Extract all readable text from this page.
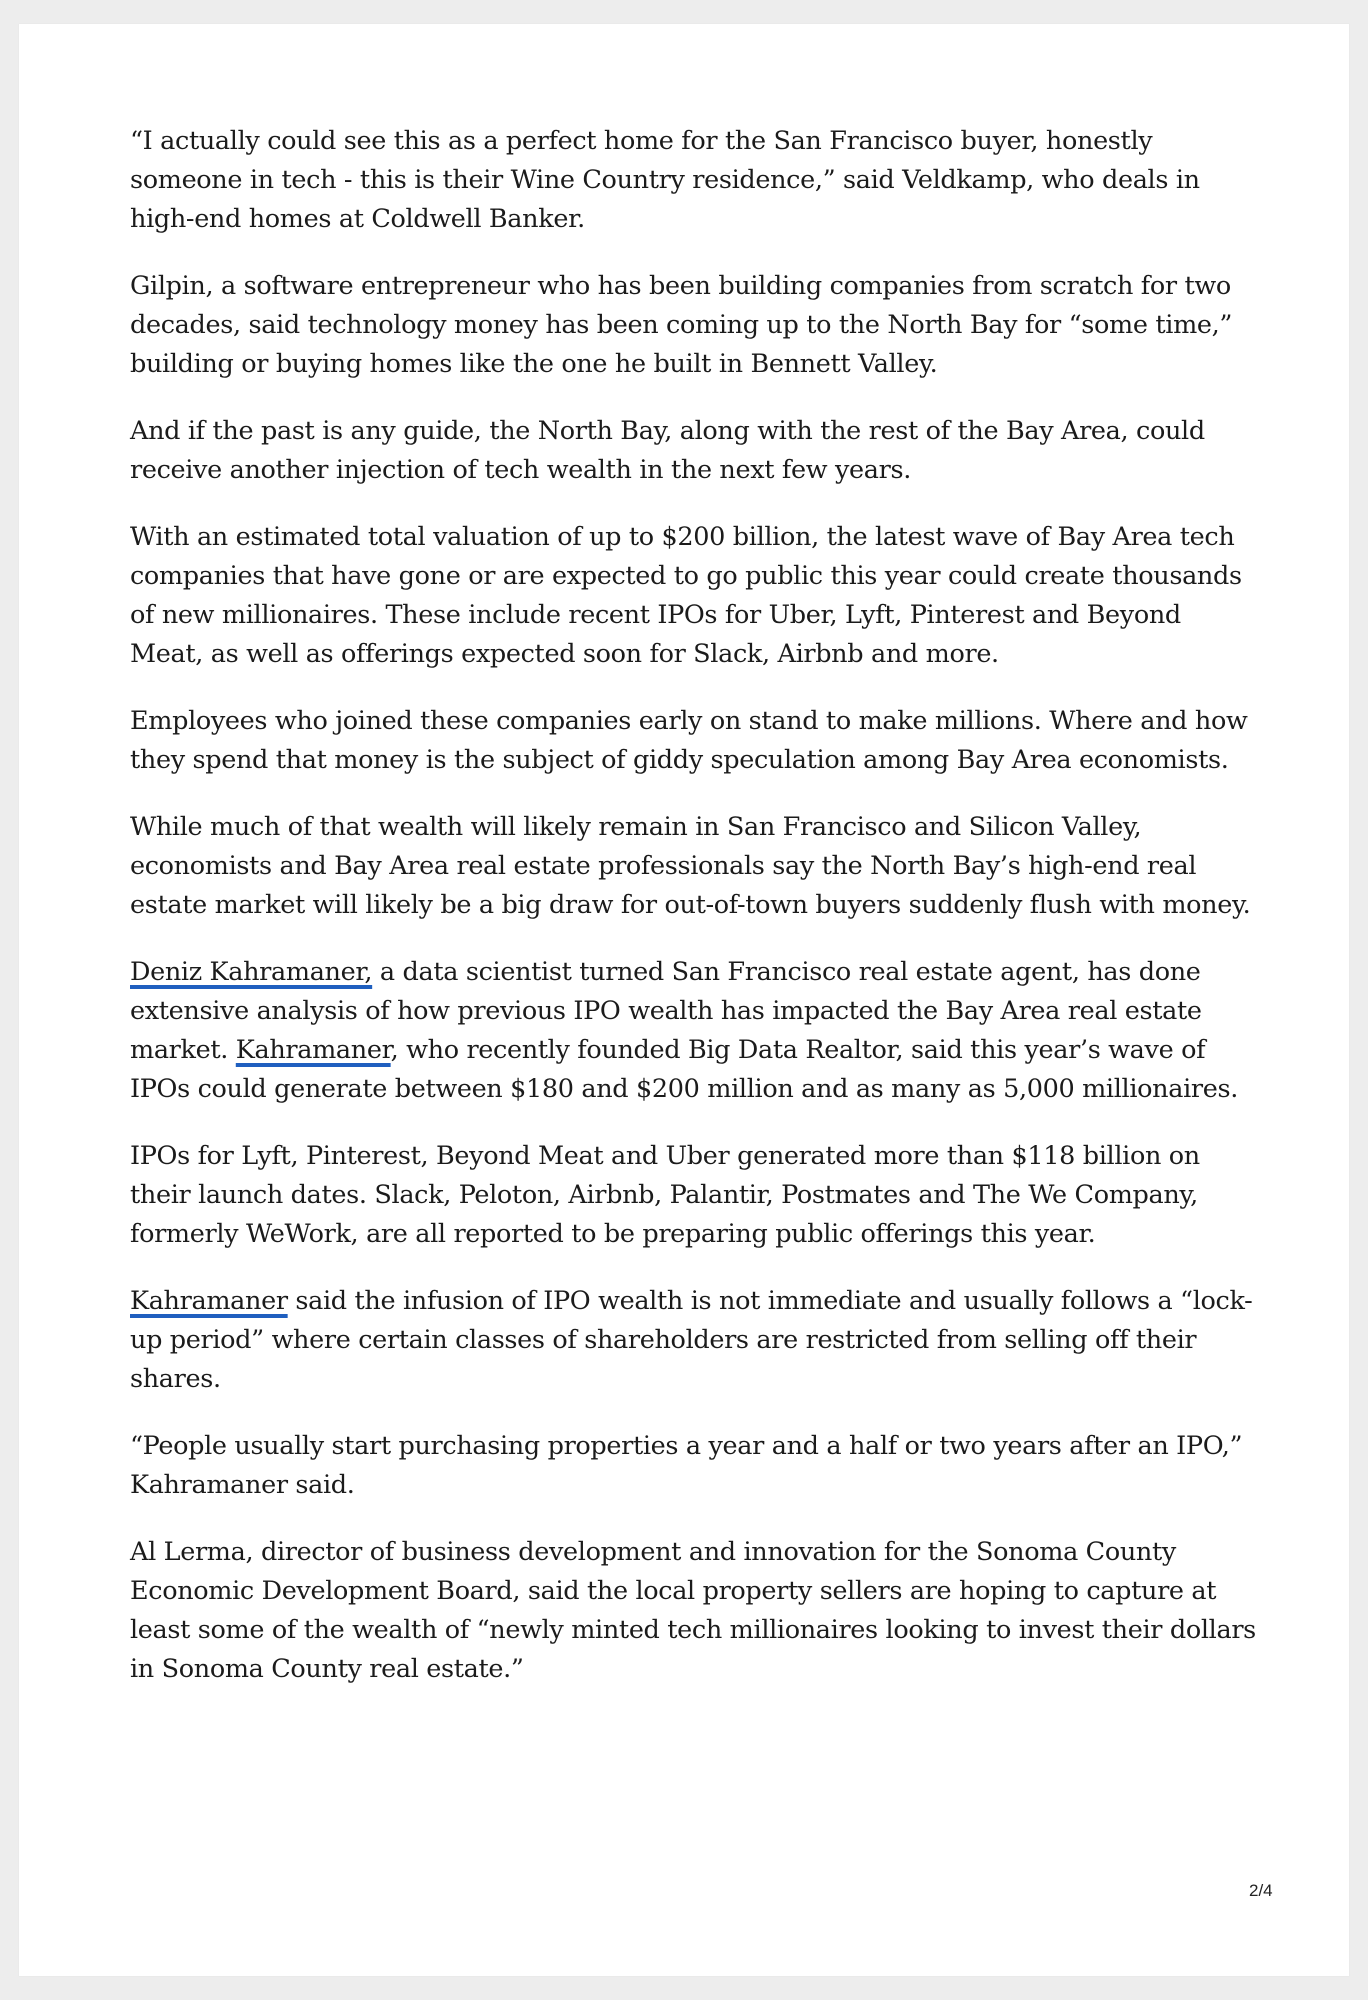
“I actually could see this as a perfect home for the San Francisco buyer, honestly someone in tech - this is their Wine Country residence,” said Veldkamp, who deals in high-end homes at Coldwell Banker.

Gilpin, a software entrepreneur who has been building companies from scratch for two decades, said technology money has been coming up to the North Bay for “some time,” building or buying homes like the one he built in Bennett Valley.

And if the past is any guide, the North Bay, along with the rest of the Bay Area, could receive another injection of tech wealth in the next few years.

With an estimated total valuation of up to $200 billion, the latest wave of Bay Area tech companies that have gone or are expected to go public this year could create thousands of new millionaires. These include recent IPOs for Uber, Lyft, Pinterest and Beyond Meat, as well as offerings expected soon for Slack, Airbnb and more.

Employees who joined these companies early on stand to make millions. Where and how they spend that money is the subject of giddy speculation among Bay Area economists.

While much of that wealth will likely remain in San Francisco and Silicon Valley, economists and Bay Area real estate professionals say the North Bay’s high-end real estate market will likely be a big draw for out-of-town buyers suddenly flush with money.

Deniz Kahramaner, a data scientist turned San Francisco real estate agent, has done extensive analysis of how previous IPO wealth has impacted the Bay Area real estate market. Kahramaner, who recently founded Big Data Realtor, said this year’s wave of IPOs could generate between $180 and $200 million and as many as 5,000 millionaires.

IPOs for Lyft, Pinterest, Beyond Meat and Uber generated more than $118 billion on their launch dates. Slack, Peloton, Airbnb, Palantir, Postmates and The We Company, formerly WeWork, are all reported to be preparing public offerings this year.

Kahramaner said the infusion of IPO wealth is not immediate and usually follows a “lock-up period” where certain classes of shareholders are restricted from selling off their shares.

“People usually start purchasing properties a year and a half or two years after an IPO,” Kahramaner said.

Al Lerma, director of business development and innovation for the Sonoma County Economic Development Board, said the local property sellers are hoping to capture at least some of the wealth of “newly minted tech millionaires looking to invest their dollars in Sonoma County real estate.”

2/4
